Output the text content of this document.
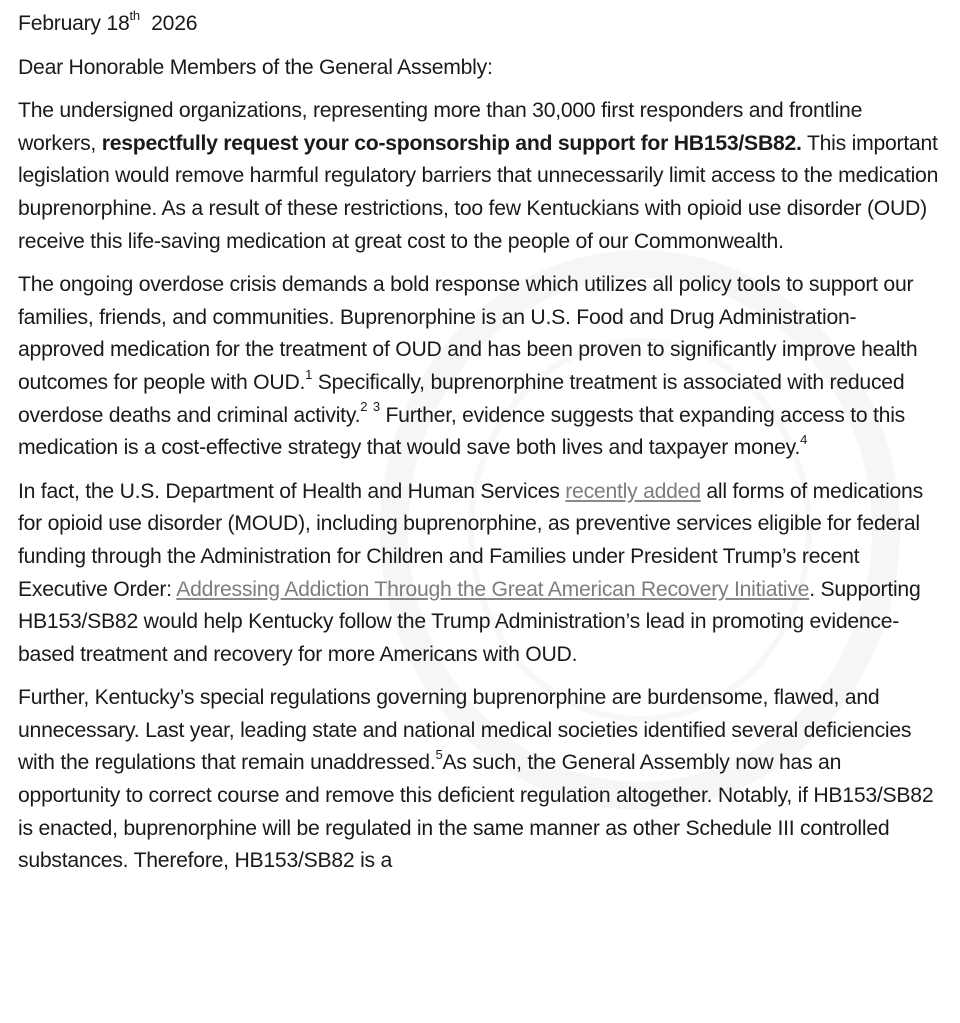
February 18th 2026
Dear Honorable Members of the General Assembly:

The undersigned organizations, representing more than 30,000 first responders and frontline workers, respectfully request your co-sponsorship and support for HB153/SB82. This important legislation would remove harmful regulatory barriers that unnecessarily limit access to the medication buprenorphine. As a result of these restrictions, too few Kentuckians with opioid use disorder (OUD) receive this life-saving medication at great cost to the people of our Commonwealth.

The ongoing overdose crisis demands a bold response which utilizes all policy tools to support our families, friends, and communities. Buprenorphine is an U.S. Food and Drug Administration-approved medication for the treatment of OUD and has been proven to significantly improve health outcomes for people with OUD.$^1$ Specifically, buprenorphine treatment is associated with reduced overdose deaths and criminal activity.$^2$ $^3$ Further, evidence suggests that expanding access to this medication is a cost-effective strategy that would save both lives and taxpayer money.$^4$

In fact, the U.S. Department of Health and Human Services recently added all forms of medications for opioid use disorder (MOUD), including buprenorphine, as preventive services eligible for federal funding through the Administration for Children and Families under President Trump’s recent Executive Order: Addressing Addiction Through the Great American Recovery Initiative. Supporting HB153/SB82 would help Kentucky follow the Trump Administration’s lead in promoting evidence-based treatment and recovery for more Americans with OUD.

Further, Kentucky’s special regulations governing buprenorphine are burdensome, flawed, and unnecessary. Last year, leading state and national medical societies identified several deficiencies with the regulations that remain unaddressed.$^5$As such, the General Assembly now has an opportunity to correct course and remove this deficient regulation altogether. Notably, if HB153/SB82 is enacted, buprenorphine will be regulated in the same manner as other Schedule III controlled substances. Therefore, HB153/SB82 is a
